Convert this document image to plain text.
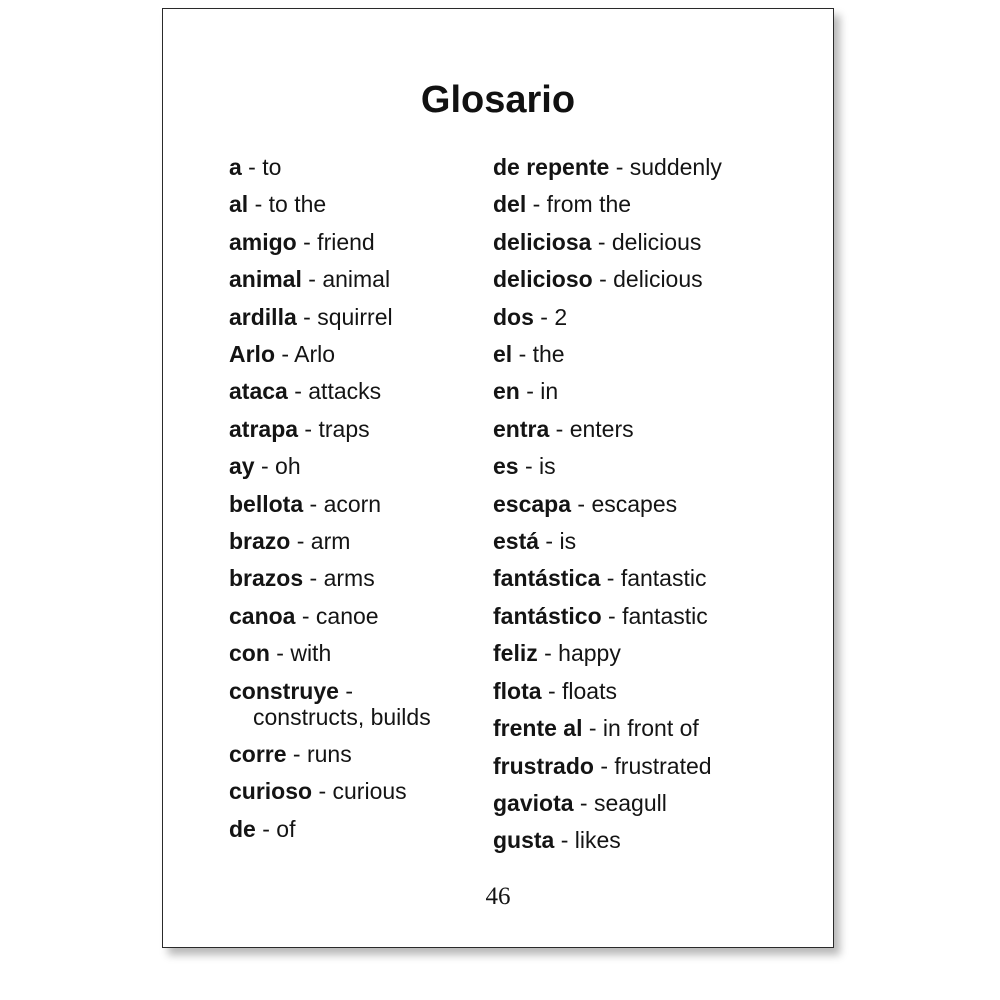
Glosario
a - to
al - to the
amigo - friend
animal - animal
ardilla - squirrel
Arlo - Arlo
ataca - attacks
atrapa - traps
ay - oh
bellota - acorn
brazo - arm
brazos - arms
canoa - canoe
con - with
construye -
constructs, builds
corre - runs
curioso - curious
de - of
de repente - suddenly
del - from the
deliciosa - delicious
delicioso - delicious
dos - 2
el - the
en - in
entra - enters
es - is
escapa - escapes
está - is
fantástica - fantastic
fantástico - fantastic
feliz - happy
flota - floats
frente al - in front of
frustrado - frustrated
gaviota - seagull
gusta - likes
46
